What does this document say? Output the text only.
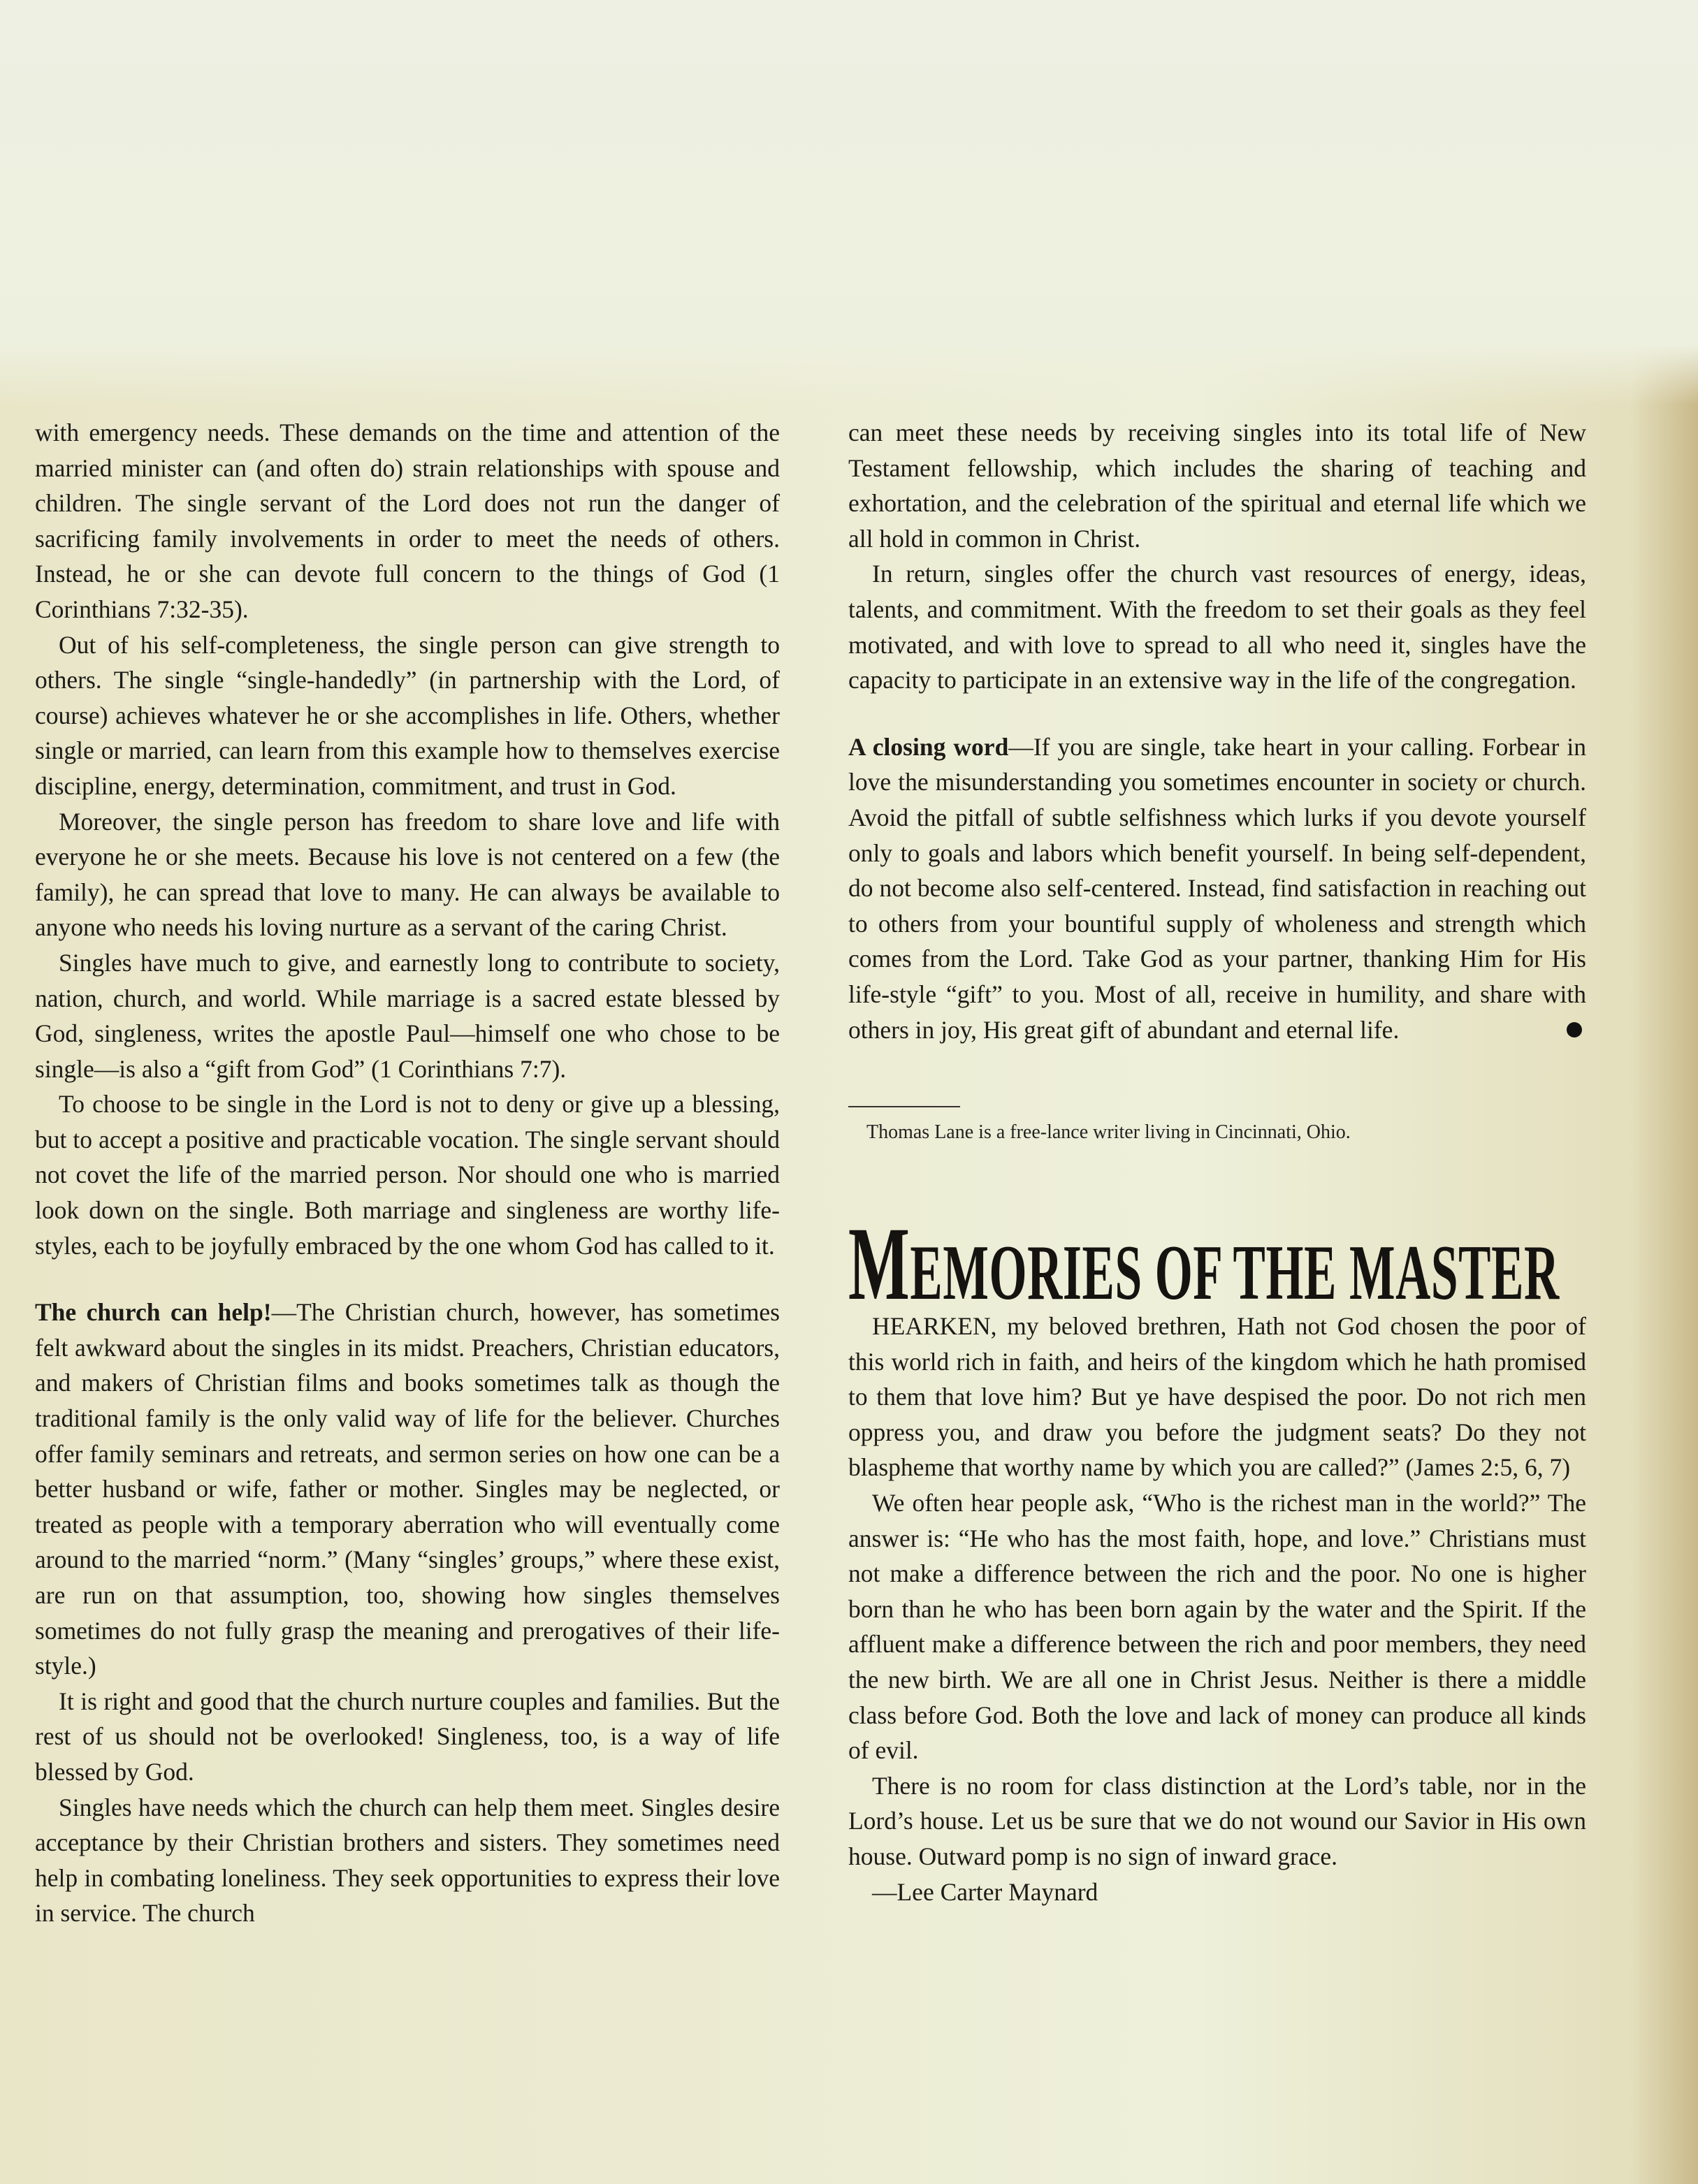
with emergency needs. These demands on the time and attention of the married minister can (and often do) strain relationships with spouse and children. The single servant of the Lord does not run the danger of sacrificing family involvements in order to meet the needs of others. Instead, he or she can devote full concern to the things of God (1 Corinthians 7:32-35).

Out of his self-completeness, the single person can give strength to others. The single “single-handedly” (in partnership with the Lord, of course) achieves whatever he or she accomplishes in life. Others, whether single or married, can learn from this example how to themselves exercise discipline, energy, determination, commitment, and trust in God.

Moreover, the single person has freedom to share love and life with everyone he or she meets. Because his love is not centered on a few (the family), he can spread that love to many. He can always be available to anyone who needs his loving nurture as a servant of the caring Christ.

Singles have much to give, and earnestly long to contribute to society, nation, church, and world. While marriage is a sacred estate blessed by God, singleness, writes the apostle Paul—himself one who chose to be single—is also a “gift from God” (1 Corinthians 7:7).

To choose to be single in the Lord is not to deny or give up a blessing, but to accept a positive and practicable vocation. The single servant should not covet the life of the married person. Nor should one who is married look down on the single. Both marriage and singleness are worthy life-styles, each to be joyfully embraced by the one whom God has called to it.

The church can help!—The Christian church, however, has sometimes felt awkward about the singles in its midst. Preachers, Christian educators, and makers of Christian films and books sometimes talk as though the traditional family is the only valid way of life for the believer. Churches offer family seminars and retreats, and sermon series on how one can be a better husband or wife, father or mother. Singles may be neglected, or treated as people with a temporary aberration who will eventually come around to the married “norm.” (Many “singles’ groups,” where these exist, are run on that assumption, too, showing how singles themselves sometimes do not fully grasp the meaning and prerogatives of their life-style.)

It is right and good that the church nurture couples and families. But the rest of us should not be overlooked! Singleness, too, is a way of life blessed by God.

Singles have needs which the church can help them meet. Singles desire acceptance by their Christian brothers and sisters. They sometimes need help in combating loneliness. They seek opportunities to express their love in service. The church

can meet these needs by receiving singles into its total life of New Testament fellowship, which includes the sharing of teaching and exhortation, and the celebration of the spiritual and eternal life which we all hold in common in Christ.

In return, singles offer the church vast resources of energy, ideas, talents, and commitment. With the freedom to set their goals as they feel motivated, and with love to spread to all who need it, singles have the capacity to participate in an extensive way in the life of the congregation.

A closing word—If you are single, take heart in your calling. Forbear in love the misunderstanding you sometimes encounter in society or church. Avoid the pitfall of subtle selfishness which lurks if you devote yourself only to goals and labors which benefit yourself. In being self-dependent, do not become also self-centered. Instead, find satisfaction in reaching out to others from your bountiful supply of wholeness and strength which comes from the Lord. Take God as your partner, thanking Him for His life-style “gift” to you. Most of all, receive in humility, and share with others in joy, His great gift of abundant and eternal life.

Thomas Lane is a free-lance writer living in Cincinnati, Ohio.
MEMORIES OF THE MASTER

HEARKEN, my beloved brethren, Hath not God chosen the poor of this world rich in faith, and heirs of the kingdom which he hath promised to them that love him? But ye have despised the poor. Do not rich men oppress you, and draw you before the judgment seats? Do they not blaspheme that worthy name by which you are called?” (James 2:5, 6, 7)

We often hear people ask, “Who is the richest man in the world?” The answer is: “He who has the most faith, hope, and love.” Christians must not make a difference between the rich and the poor. No one is higher born than he who has been born again by the water and the Spirit. If the affluent make a difference between the rich and poor members, they need the new birth. We are all one in Christ Jesus. Neither is there a middle class before God. Both the love and lack of money can produce all kinds of evil.

There is no room for class distinction at the Lord’s table, nor in the Lord’s house. Let us be sure that we do not wound our Savior in His own house. Outward pomp is no sign of inward grace.

—Lee Carter Maynard
